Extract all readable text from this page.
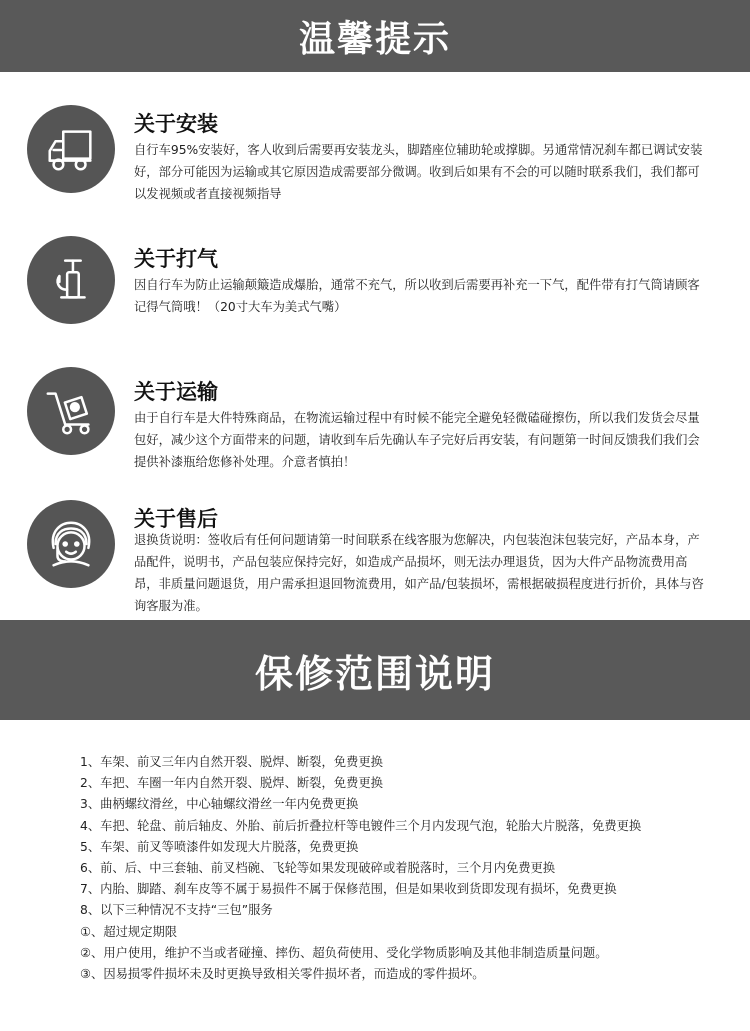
温馨提示
关于安装
自行车95%安装好，客人收到后需要再安装龙头，脚踏座位辅助轮或撑脚。另通常情况刹车都已调试安装好，部分可能因为运输或其它原因造成需要部分微调。收到后如果有不会的可以随时联系我们，我们都可以发视频或者直接视频指导
关于打气
因自行车为防止运输颠簸造成爆胎，通常不充气，所以收到后需要再补充一下气，配件带有打气筒请顾客记得气筒哦！（20寸大车为美式气嘴）
关于运输
由于自行车是大件特殊商品，在物流运输过程中有时候不能完全避免轻微磕碰擦伤，所以我们发货会尽量包好，减少这个方面带来的问题，请收到车后先确认车子完好后再安装，有问题第一时间反馈我们我们会提供补漆瓶给您修补处理。介意者慎拍！
关于售后
退换货说明：签收后有任何问题请第一时间联系在线客服为您解决，内包装泡沫包装完好，产品本身，产品配件，说明书，产品包装应保持完好，如造成产品损坏，则无法办理退货，因为大件产品物流费用高昂，非质量问题退货，用户需承担退回物流费用，如产品/包装损坏，需根据破损程度进行折价，具体与咨询客服为准。
保修范围说明
1、车架、前叉三年内自然开裂、脱焊、断裂，免费更换
2、车把、车圈一年内自然开裂、脱焊、断裂，免费更换
3、曲柄螺纹滑丝，中心轴螺纹滑丝一年内免费更换
4、车把、轮盘、前后轴皮、外胎、前后折叠拉杆等电镀件三个月内发现气泡，轮胎大片脱落，免费更换
5、车架、前叉等喷漆件如发现大片脱落，免费更换
6、前、后、中三套轴、前叉档碗、飞轮等如果发现破碎或着脱落时，三个月内免费更换
7、内胎、脚踏、刹车皮等不属于易损件不属于保修范围，但是如果收到货即发现有损坏，免费更换
8、以下三种情况不支持“三包”服务
①、超过规定期限
②、用户使用，维护不当或者碰撞、摔伤、超负荷使用、受化学物质影响及其他非制造质量问题。
③、因易损零件损坏未及时更换导致相关零件损坏者，而造成的零件损坏。
